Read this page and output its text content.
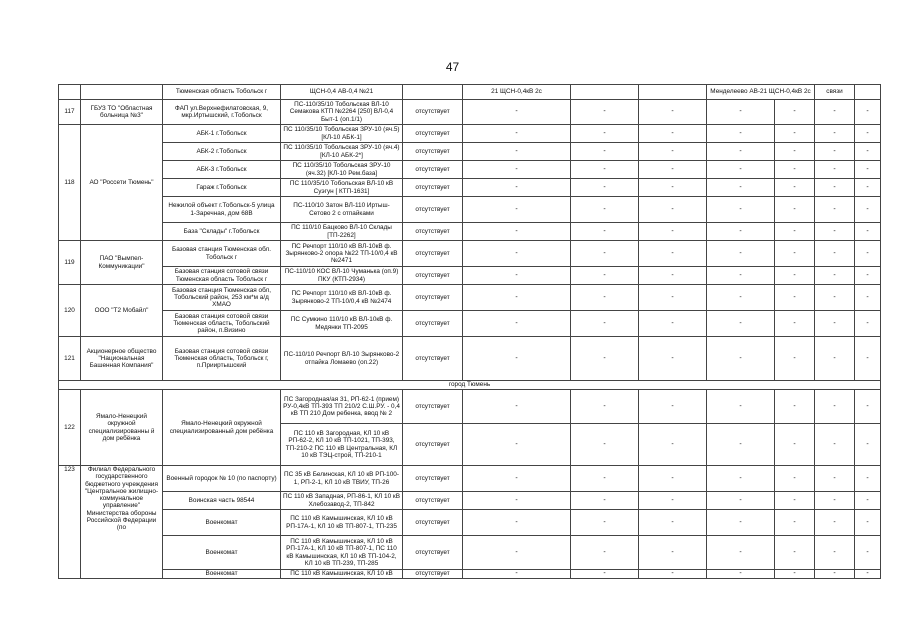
47
		Тюменская область Тобольск г	ЩСН-0,4 АВ-0,4 №21		21 ЩСН-0,4кВ 2с			Менделеево АВ-21 ЩСН-0,4кВ 2с		связи	
117	ГБУЗ ТО "Областная больница №3"	ФАП ул.Верхнефилатовская, 9, мкр.Иртышский, г.Тобольск	ПС-110/35/10 Тобольская ВЛ-10 Семакова КТП №2264 [250] ВЛ-0,4 Быт-1 (оп.1/1)	отсутствует	-	-	-	-	-	-	-
118	АО "Россети Тюмень"	АБК-1 г.Тобольск	ПС 110/35/10 Тобольская ЗРУ-10 (яч.5) [КЛ-10 АБК-1]	отсутствует	-	-	-	-	-	-	-
		АБК-2 г.Тобольск	ПС 110/35/10 Тобольская ЗРУ-10 (яч.4) [КЛ-10 АБК-2*]	отсутствует	-	-	-	-	-	-	-
		АБК-3 г.Тобольск	ПС 110/35/10 Тобольская ЗРУ-10 (яч.32) [КЛ-10 Рем.база]	отсутствует	-	-	-	-	-	-	-
		Гараж г.Тобольск	ПС 110/35/10 Тобольская ВЛ-10 кВ Суэгун [ КТП-1631]	отсутствует	-	-	-	-	-	-	-
		Нежилой объект г.Тобольск-5 улица 1-Заречная, дом 68В	ПС-110/10 Затон ВЛ-110 Иртыш-Сетово 2 с отпайками	отсутствует	-	-	-	-	-	-	-
		База "Склады" г.Тобольск	ПС 110/10 Бацково ВЛ-10 Склады [ТП-2262]	отсутствует	-	-	-	-	-	-	-
119	ПАО "Вымпел-Коммуникации"	Базовая станция Тюменская обл. Тобольск г	ПС Речпорт 110/10 кВ ВЛ-10кВ ф. Зырянково-2 опора №22 ТП-10/0,4 кВ №2471	отсутствует	-	-	-	-	-	-	-
		Базовая станция сотовой связи Тюменская область Тобольск г	ПС-110/10 КОС ВЛ-10 Чуманька (оп.9) ПКУ (КТП-2934)	отсутствует	-	-	-	-	-	-	-
120	ООО "Т2 Мобайл"	Базовая станция Тюменская обл, Тобольский район, 253 км*м а/д ХМАО	ПС Речпорт 110/10 кВ ВЛ-10кВ ф. Зырянково-2 ТП-10/0,4 кВ №2474	отсутствует	-	-	-	-	-	-	-
		Базовая станция сотовой связи Тюменская область, Тобольский район, п.Визино	ПС Сумкино 110/10 кВ ВЛ-10кВ ф. Медянки ТП-2095	отсутствует	-	-	-	-	-	-	-
121	Акционерное общество "Национальная Башенная Компания"	Базовая станция сотовой связи Тюменская область, Тобольск г, п.Прииртышский	ПС-110/10 Речпорт ВЛ-10 Зырянково-2 отпайка Ломаево (оп.22)	отсутствует	-	-	-	-	-	-	-
город Тюмень											
122	Ямало-Ненецкий окружной специализированны й дом ребёнка	Ямало-Ненецкий окружной специализированный дом ребёнка	ПС Загородная/ая 31, РП-62-1 (прием) РУ-0,4кВ ТП-393 ТП 210/2 С.Ш.РУ. - 0,4 кВ ТП 210 Дом ребенка, ввод № 2	отсутствует	-	-	-	-	-	-	-
			ПС 110 кВ Загородная, КЛ 10 кВ РП-62-2, КЛ 10 кВ ТП-1021, ТП-393, ТП-210-2 ПС 110 кВ Центральная, КЛ 10 кВ ТЭЦ-строй, ТП-210-1	отсутствует	-	-	-	-	-	-	-
123	Филиал Федерального государственного бюджетного учреждения "Центральное жилищно-коммунальное управление" Министерства обороны Российской Федерации (по	Военный городок № 10 (по паспорту)	ПС 35 кВ Белинская, КЛ 10 кВ РП-100-1, РП-2-1, КЛ 10 кВ ТВИУ, ТП-26	отсутствует	-	-	-	-	-	-	-
		Воинская часть 98544	ПС 110 кВ Западная, РП-86-1, КЛ 10 кВ Хлебозавод-2, ТП-842	отсутствует	-	-	-	-	-	-	-
		Военкомат	ПС 110 кВ Камышинская, КЛ 10 кВ РП-17А-1, КЛ 10 кВ ТП-807-1, ТП-235	отсутствует	-	-	-	-	-	-	-
		Военкомат	ПС 110 кВ Камышинская, КЛ 10 кВ РП-17А-1, КЛ 10 кВ ТП-807-1, ПС 110 кВ Камышинская, КЛ 10 кВ ТП-104-2, КЛ 10 кВ ТП-239, ТП-285	отсутствует	-	-	-	-	-	-	-
		Военкомат	ПС 110 кВ Камышинская, КЛ 10 кВ	отсутствует	-	-	-	-	-	-	-
